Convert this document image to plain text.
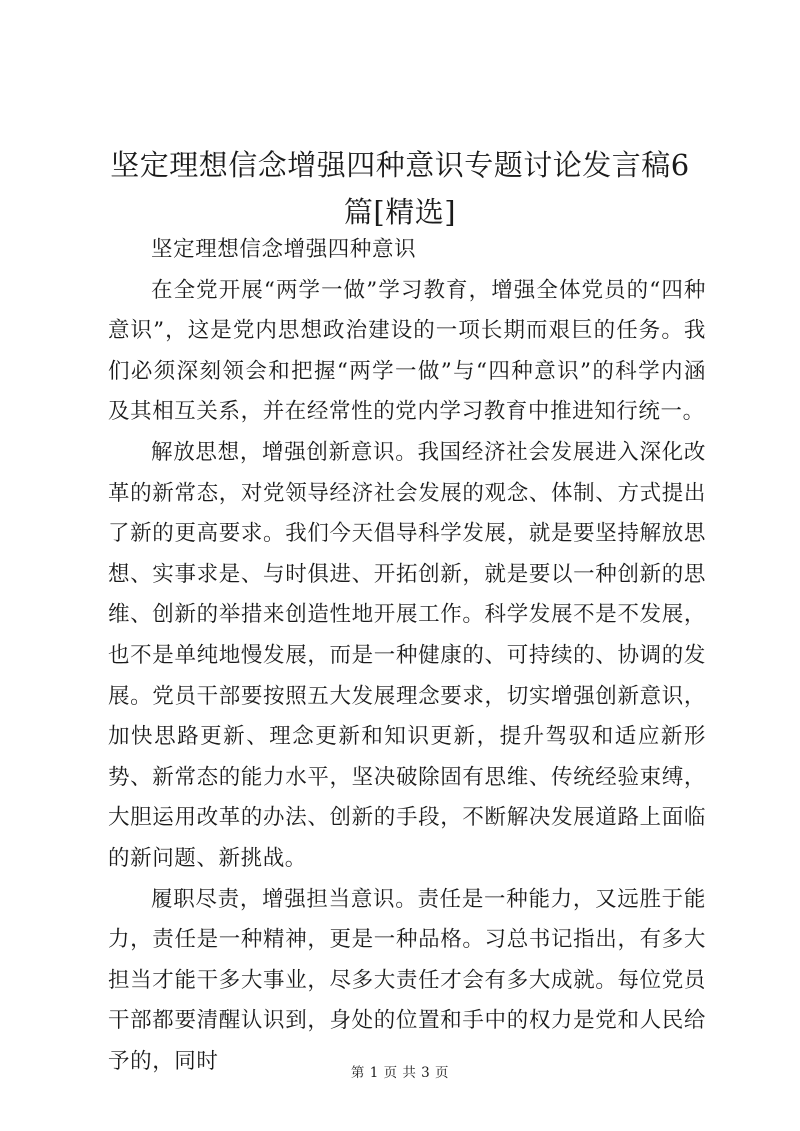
坚定理想信念增强四种意识专题讨论发言稿6篇[精选]

坚定理想信念增强四种意识

在全党开展“两学一做”学习教育，增强全体党员的“四种意识”，这是党内思想政治建设的一项长期而艰巨的任务。我们必须深刻领会和把握“两学一做”与“四种意识”的科学内涵及其相互关系，并在经常性的党内学习教育中推进知行统一。

解放思想，增强创新意识。我国经济社会发展进入深化改革的新常态，对党领导经济社会发展的观念、体制、方式提出了新的更高要求。我们今天倡导科学发展，就是要坚持解放思想、实事求是、与时俱进、开拓创新，就是要以一种创新的思维、创新的举措来创造性地开展工作。科学发展不是不发展，也不是单纯地慢发展，而是一种健康的、可持续的、协调的发展。党员干部要按照五大发展理念要求，切实增强创新意识，加快思路更新、理念更新和知识更新，提升驾驭和适应新形势、新常态的能力水平，坚决破除固有思维、传统经验束缚，大胆运用改革的办法、创新的手段，不断解决发展道路上面临的新问题、新挑战。

履职尽责，增强担当意识。责任是一种能力，又远胜于能力，责任是一种精神，更是一种品格。习总书记指出，有多大担当才能干多大事业，尽多大责任才会有多大成就。每位党员干部都要清醒认识到，身处的位置和手中的权力是党和人民给予的，同时	第 1 页 共 3 页
